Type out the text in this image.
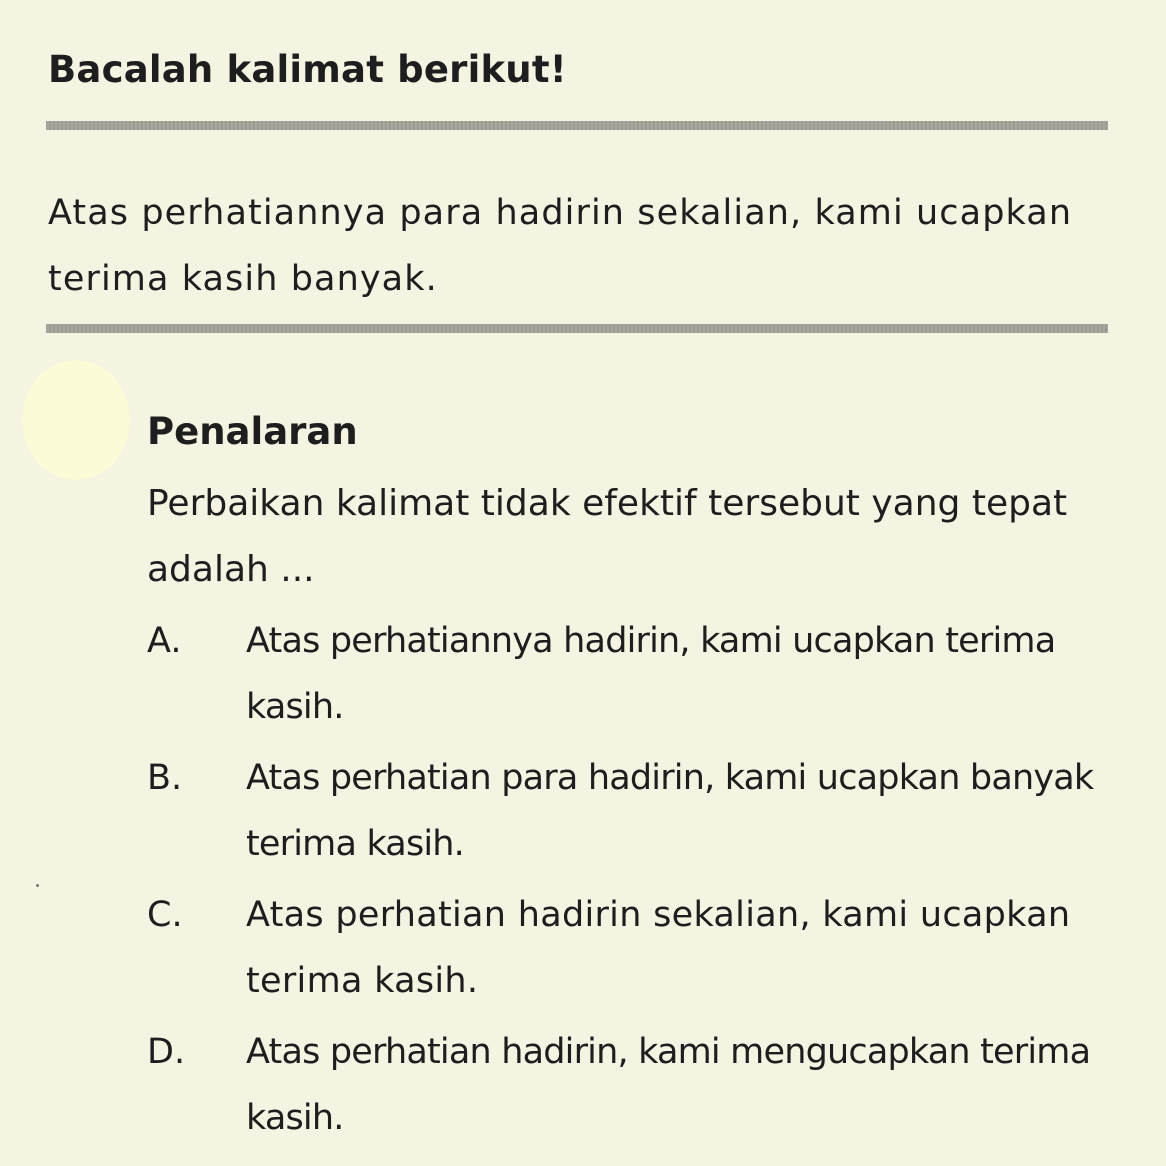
Bacalah kalimat berikut!

Atas perhatiannya para hadirin sekalian, kami ucapkan terima kasih banyak.

Penalaran

Perbaikan kalimat tidak efektif tersebut yang tepat adalah ...

A.	Atas perhatiannya hadirin, kami ucapkan terima kasih.
B.	Atas perhatian para hadirin, kami ucapkan banyak terima kasih.
C.	Atas perhatian hadirin sekalian, kami ucapkan terima kasih.
D.	Atas perhatian hadirin, kami mengucapkan terima kasih.
